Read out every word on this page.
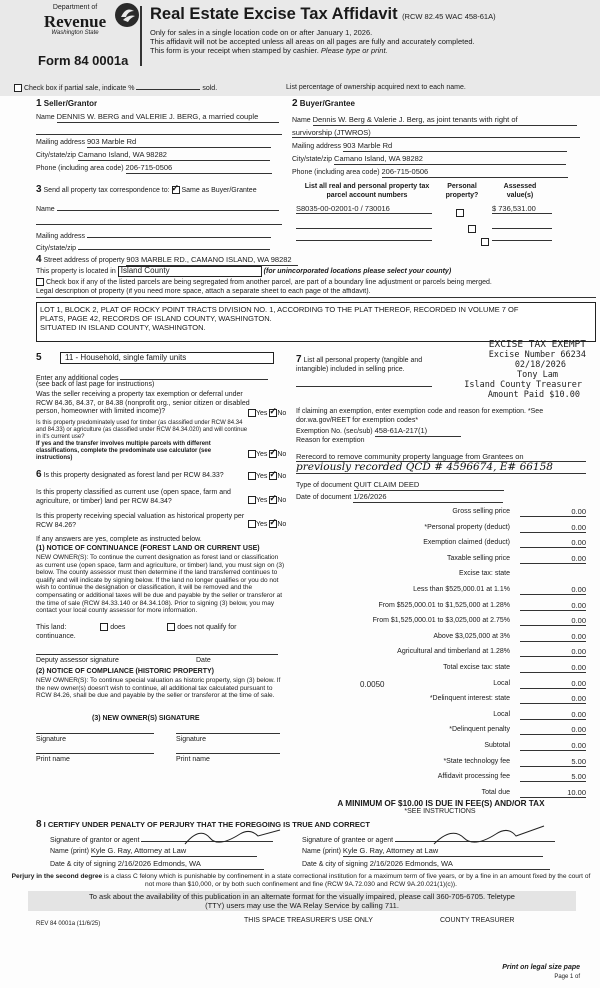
Department of
Revenue
Washington State
Form 84 0001a
Real Estate Excise Tax Affidavit (RCW 82.45 WAC 458-61A)
Only for sales in a single location code on or after January 1, 2026.
This affidavit will not be accepted unless all areas on all pages are fully and accurately completed.
This form is your receipt when stamped by cashier. Please type or print.
Check box if partial sale, indicate %	sold.	List percentage of ownership acquired next to each name.
1 Seller/Grantor
Name DENNIS W. BERG and VALERIE J. BERG, a married couple
Mailing address 903 Marble Rd
City/state/zip Camano Island, WA 98282
Phone (including area code) 206-715-0506
2 Buyer/Grantee
Name Dennis W. Berg & Valerie J. Berg, as joint tenants with right of
survivorship (JTWROS)
Mailing address 903 Marble Rd
City/state/zip Camano Island, WA 98282
Phone (including area code) 206-715-0506
3 Send all property tax correspondence to: ✓ Same as Buyer/Grantee
Name
Mailing address
City/state/zip
List all real and personal property tax parcel account numbers
Personal property?
Assessed value(s)
S8035-00-02001-0 / 730016
	$ 736,531.00

4 Street address of property 903 MARBLE RD., CAMANO ISLAND, WA 98282
This property is located in Island County	(for unincorporated locations please select your county)
Check box if any of the listed parcels are being segregated from another parcel, are part of a boundary line adjustment or parcels being merged.
Legal description of property (if you need more space, attach a separate sheet to each page of the affidavit).
LOT 1, BLOCK 2, PLAT OF ROCKY POINT TRACTS DIVISION NO. 1, ACCORDING TO THE PLAT THEREOF, RECORDED IN VOLUME 7 OF
PLATS, PAGE 42, RECORDS OF ISLAND COUNTY, WASHINGTON.
SITUATED IN ISLAND COUNTY, WASHINGTON.
EXCISE TAX EXEMPT
Excise Number 66234
02/18/2026
Tony Lam
Island County Treasurer
Amount Paid $10.00
5	11 - Household, single family units
Enter any additional codes
(see back of last page for instructions)
Was the seller receiving a property tax exemption or deferral under RCW 84.36, 84.37, or 84.38 (nonprofit org., senior citizen or disabled person, homeowner with limited income)?	Yes ✓ No
Is this property predominately used for timber (as classified under RCW 84.34 and 84.33) or agriculture (as classified under RCW 84.34.020) and will continue in it's current use?
If yes and the transfer involves multiple parcels with different classifications, complete the predominate use calculator (see instructions)
Yes ✓ No
6 Is this property designated as forest land per RCW 84.33?	Yes ✓ No
Is this property classified as current use (open space, farm and agriculture, or timber) land per RCW 84.34?	Yes ✓ No
Is this property receiving special valuation as historical property per RCW 84.26?	Yes ✓ No
If any answers are yes, complete as instructed below.
(1) NOTICE OF CONTINUANCE (FOREST LAND OR CURRENT USE)
NEW OWNER(S): To continue the current designation as forest land or classification as current use (open space, farm and agriculture, or timber) land, you must sign on (3) below. The county assessor must then determine if the land transferred continues to qualify and will indicate by signing below. If the land no longer qualifies or you do not wish to continue the designation or classification, it will be removed and the compensating or additional taxes will be due and payable by the seller or transferor at the time of sale (RCW 84.33.140 or 84.34.108). Prior to signing (3) below, you may contact your local county assessor for more information.
This land:	does	does not qualify for
continuance.
Deputy assessor signature	Date
(2) NOTICE OF COMPLIANCE (HISTORIC PROPERTY)
NEW OWNER(S): To continue special valuation as historic property, sign (3) below. If the new owner(s) doesn't wish to continue, all additional tax calculated pursuant to RCW 84.26, shall be due and payable by the seller or transferor at the time of sale.
(3) NEW OWNER(S) SIGNATURE
Signature	Signature
Print name	Print name
7 List all personal property (tangible and intangible) included in selling price.
If claiming an exemption, enter exemption code and reason for exemption. *See dor.wa.gov/REET for exemption codes*
Exemption No. (sec/sub) 458-61A-217(1)
Reason for exemption
Rerecord to remove community property language from Grantees on
previously recorded QCD # 4596674, E# 66158
Type of document QUIT CLAIM DEED
Date of document 1/26/2026
Gross selling price	0.00
*Personal property (deduct)	0.00
Exemption claimed (deduct)	0.00
Taxable selling price	0.00
Excise tax: state
Less than $525,000.01 at 1.1%	0.00
From $525,000.01 to $1,525,000 at 1.28%	0.00
From $1,525,000.01 to $3,025,000 at 2.75%	0.00
Above $3,025,000 at 3%	0.00
Agricultural and timberland at 1.28%	0.00
Total excise tax: state	0.00
Local	0.00
0.0050
*Delinquent interest: state	0.00
Local	0.00
*Delinquent penalty	0.00
Subtotal	0.00
*State technology fee	5.00
Affidavit processing fee	5.00
Total due	10.00
A MINIMUM OF $10.00 IS DUE IN FEE(S) AND/OR TAX
*SEE INSTRUCTIONS
8 I CERTIFY UNDER PENALTY OF PERJURY THAT THE FOREGOING IS TRUE AND CORRECT
Signature of grantor or agent
Name (print) Kyle G. Ray, Attorney at Law
Date & city of signing 2/16/2026 Edmonds, WA
Signature of grantee or agent
Name (print) Kyle G. Ray, Attorney at Law
Date & city of signing 2/16/2026 Edmonds, WA
Perjury in the second degree is a class C felony which is punishable by confinement in a state correctional institution for a maximum term of five years, or by a fine in an amount fixed by the court of not more than $10,000, or by both such confinement and fine (RCW 9A.72.030 and RCW 9A.20.021(1)(c)).
To ask about the availability of this publication in an alternate format for the visually impaired, please call 360-705-6705. Teletype
(TTY) users may use the WA Relay Service by calling 711.
REV 84 0001a (11/6/25)	THIS SPACE TREASURER'S USE ONLY	COUNTY TREASURER
Print on legal size pape
Page 1 of
